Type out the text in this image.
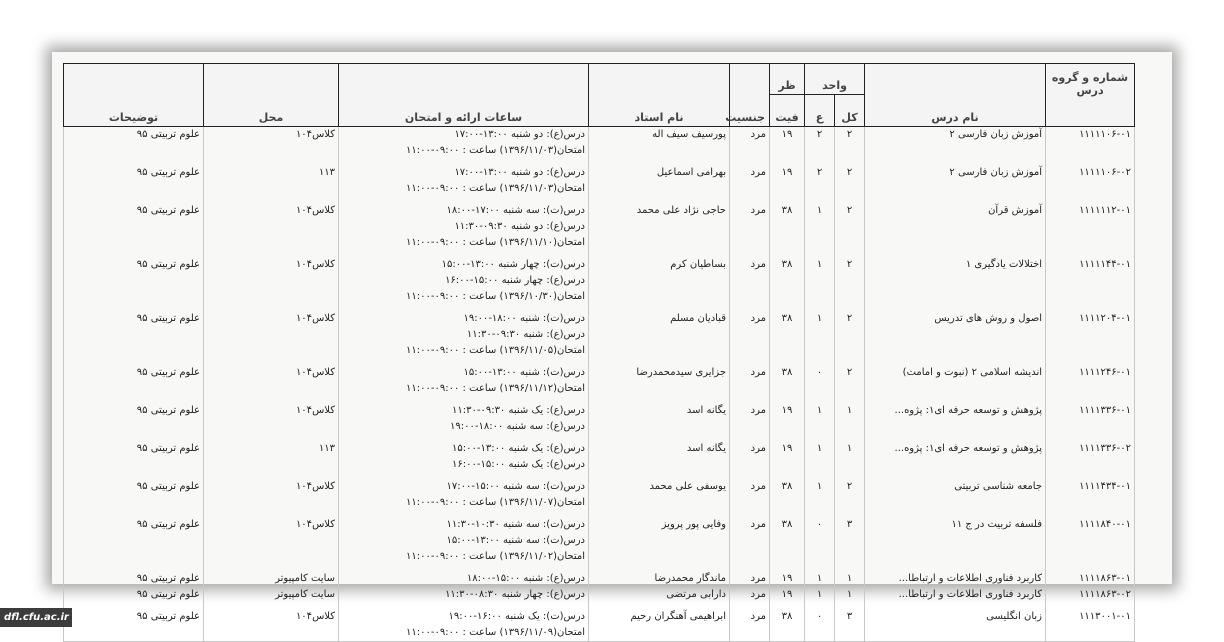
شماره و گروه درس	نام درس	واحد		ظر	جنسیت	نام استاد	ساعات ارائه و امتحان	محل	توضیحات
		کل	ع	فیت					
۱۱۱۱۱۰۶-۰۱	آموزش زبان فارسی ۲	۲	۲	۱۹	مرد	پورسیف سیف اله	درس(ع): دو شنبه ۱۳:۰۰-۱۷:۰۰
امتحان(۱۳۹۶/۱۱/۰۳) ساعت : ۰۹:۰۰-۱۱:۰۰	کلاس۱۰۴	علوم تربیتی ۹۵
۱۱۱۱۱۰۶-۰۲	آموزش زبان فارسی ۲	۲	۲	۱۹	مرد	بهرامی اسماعیل	درس(ع): دو شنبه ۱۳:۰۰-۱۷:۰۰
امتحان(۱۳۹۶/۱۱/۰۳) ساعت : ۰۹:۰۰-۱۱:۰۰	۱۱۳	علوم تربیتی ۹۵
۱۱۱۱۱۱۲-۰۱	آموزش قرآن	۲	۱	۳۸	مرد	حاجی نژاد علی محمد	درس(ت): سه شنبه ۱۷:۰۰-۱۸:۰۰
درس(ع): دو شنبه ۰۹:۳۰-۱۱:۳۰
امتحان(۱۳۹۶/۱۱/۱۰) ساعت : ۰۹:۰۰-۱۱:۰۰	کلاس۱۰۴	علوم تربیتی ۹۵
۱۱۱۱۱۴۴-۰۱	اختلالات یادگیری ۱	۲	۱	۳۸	مرد	بساطیان کرم	درس(ت): چهار شنبه ۱۳:۰۰-۱۵:۰۰
درس(ع): چهار شنبه ۱۵:۰۰-۱۶:۰۰
امتحان(۱۳۹۶/۱۰/۳۰) ساعت : ۰۹:۰۰-۱۱:۰۰	کلاس۱۰۴	علوم تربیتی ۹۵
۱۱۱۱۲۰۴-۰۱	اصول و روش های تدریس	۲	۱	۳۸	مرد	قبادیان مسلم	درس(ت): شنبه ۱۸:۰۰-۱۹:۰۰
درس(ع): شنبه ۰۹:۳۰-۱۱:۳۰
امتحان(۱۳۹۶/۱۱/۰۵) ساعت : ۰۹:۰۰-۱۱:۰۰	کلاس۱۰۴	علوم تربیتی ۹۵
۱۱۱۱۲۴۶-۰۱	اندیشه اسلامی ۲ (نبوت و امامت)	۲	۰	۳۸	مرد	جزایری سیدمحمدرضا	درس(ت): شنبه ۱۳:۰۰-۱۵:۰۰
امتحان(۱۳۹۶/۱۱/۱۲) ساعت : ۰۹:۰۰-۱۱:۰۰	کلاس۱۰۴	علوم تربیتی ۹۵
۱۱۱۱۳۳۶-۰۱	پژوهش و توسعه حرفه ای۱: پژوه...	۱	۱	۱۹	مرد	یگانه اسد	درس(ع): یک شنبه ۰۹:۳۰-۱۱:۳۰
درس(ع): سه شنبه ۱۸:۰۰-۱۹:۰۰	کلاس۱۰۴	علوم تربیتی ۹۵
۱۱۱۱۳۳۶-۰۲	پژوهش و توسعه حرفه ای۱: پژوه...	۱	۱	۱۹	مرد	یگانه اسد	درس(ع): یک شنبه ۱۳:۰۰-۱۵:۰۰
درس(ع): یک شنبه ۱۵:۰۰-۱۶:۰۰	۱۱۳	علوم تربیتی ۹۵
۱۱۱۱۴۳۴-۰۱	جامعه شناسی تربیتی	۲	۱	۳۸	مرد	یوسفی علی محمد	درس(ت): سه شنبه ۱۵:۰۰-۱۷:۰۰
امتحان(۱۳۹۶/۱۱/۰۷) ساعت : ۰۹:۰۰-۱۱:۰۰	کلاس۱۰۴	علوم تربیتی ۹۵
۱۱۱۱۸۴۰-۰۱	فلسفه تربیت در ج ۱۱	۳	۰	۳۸	مرد	وفایی پور پرویز	درس(ت): سه شنبه ۱۰:۳۰-۱۱:۳۰
درس(ت): سه شنبه ۱۳:۰۰-۱۵:۰۰
امتحان(۱۳۹۶/۱۱/۰۲) ساعت : ۰۹:۰۰-۱۱:۰۰	کلاس۱۰۴	علوم تربیتی ۹۵
۱۱۱۱۸۶۳-۰۱	کاربرد فناوری اطلاعات و ارتباطا...	۱	۱	۱۹	مرد	ماندگار محمدرضا	درس(ع): شنبه ۱۵:۰۰-۱۸:۰۰	سایت کامپیوتر	علوم تربیتی ۹۵
۱۱۱۱۸۶۳-۰۲	کاربرد فناوری اطلاعات و ارتباطا...	۱	۱	۱۹	مرد	دارابی مرتضی	درس(ع): چهار شنبه ۰۸:۳۰-۱۱:۳۰	سایت کامپیوتر	علوم تربیتی ۹۵
۱۱۱۳۰۰۱-۰۱	زبان انگلیسی	۳	۰	۳۸	مرد	ابراهیمی آهنگران رحیم	درس(ت): یک شنبه ۱۶:۰۰-۱۹:۰۰
امتحان(۱۳۹۶/۱۱/۰۹) ساعت : ۰۹:۰۰-۱۱:۰۰	کلاس۱۰۴	علوم تربیتی ۹۵
dfl.cfu.ac.ir
